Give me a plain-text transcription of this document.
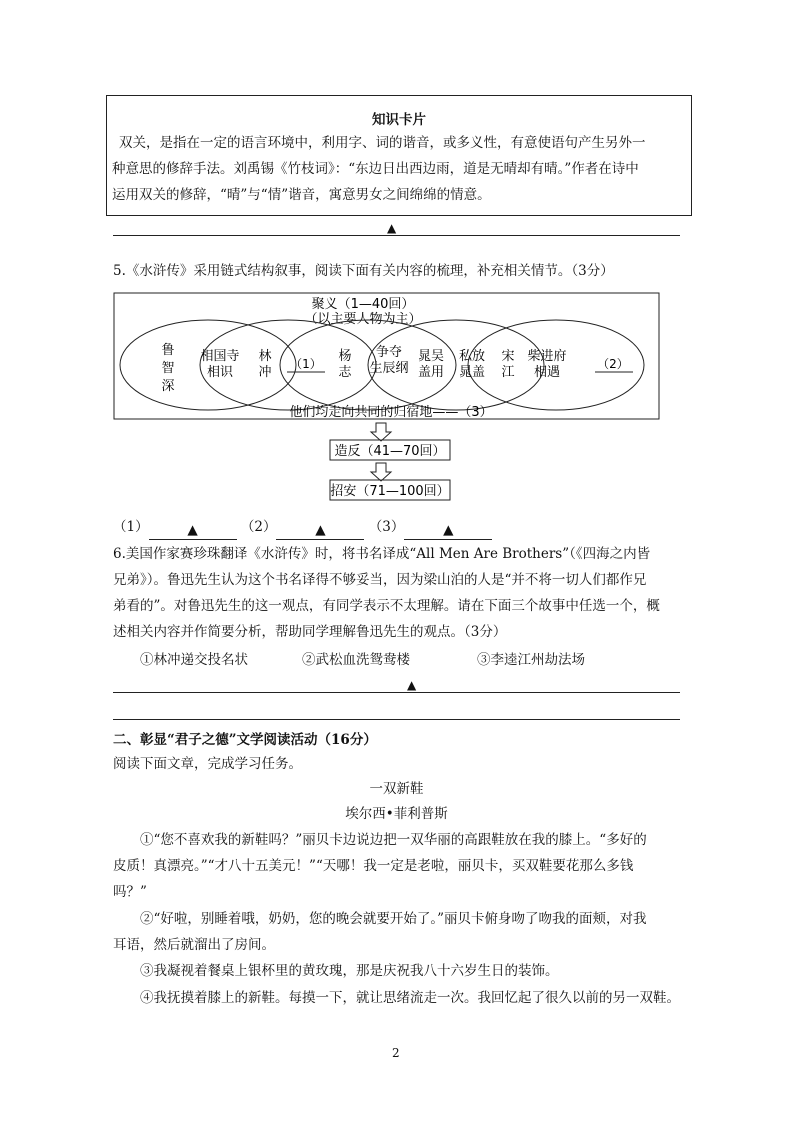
知识卡片
双关，是指在一定的语言环境中，利用字、词的谐音，或多义性，有意使语句产生另外一
种意思的修辞手法。刘禹锡《竹枝词》：“东边日出西边雨，道是无晴却有晴。”作者在诗中
运用双关的修辞，“晴”与“情”谐音，寓意男女之间绵绵的情意。
▲
5.《水浒传》采用链式结构叙事，阅读下面有关内容的梳理，补充相关情节。（3分）
聚义（1—40回）
（以主要人物为主）
鲁
智
深
相国寺
相识
林
冲
（1） 杨
志
争夺
生辰纲
晁吴
盖用
私放
晁盖
宋
江
柴进府
相遇
（2）
他们均走向共同的归宿地——（3）
造反（41—70回）
招安（71—100回）
（1）	▲	（2）	▲	（3）	▲
6.美国作家赛珍珠翻译《水浒传》时，将书名译成“All Men Are Brothers”（《四海之内皆
兄弟》）。鲁迅先生认为这个书名译得不够妥当，因为梁山泊的人是“并不将一切人们都作兄
弟看的”。对鲁迅先生的这一观点，有同学表示不太理解。请在下面三个故事中任选一个，概
述相关内容并作简要分析，帮助同学理解鲁迅先生的观点。（3分）
①林冲递交投名状	②武松血洗鸳鸯楼	③李逵江州劫法场
▲
二、彰显“君子之德”文学阅读活动（16分）
阅读下面文章，完成学习任务。
一双新鞋
埃尔西•菲利普斯
①“您不喜欢我的新鞋吗？”丽贝卡边说边把一双华丽的高跟鞋放在我的膝上。“多好的
皮质！真漂亮。”“才八十五美元！”“天哪！我一定是老啦，丽贝卡，买双鞋要花那么多钱
吗？”
②“好啦，别睡着哦，奶奶，您的晚会就要开始了。”丽贝卡俯身吻了吻我的面颊，对我
耳语，然后就溜出了房间。
③我凝视着餐桌上银杯里的黄玫瑰，那是庆祝我八十六岁生日的装饰。
④我抚摸着膝上的新鞋。每摸一下，就让思绪流走一次。我回忆起了很久以前的另一双鞋。
2
